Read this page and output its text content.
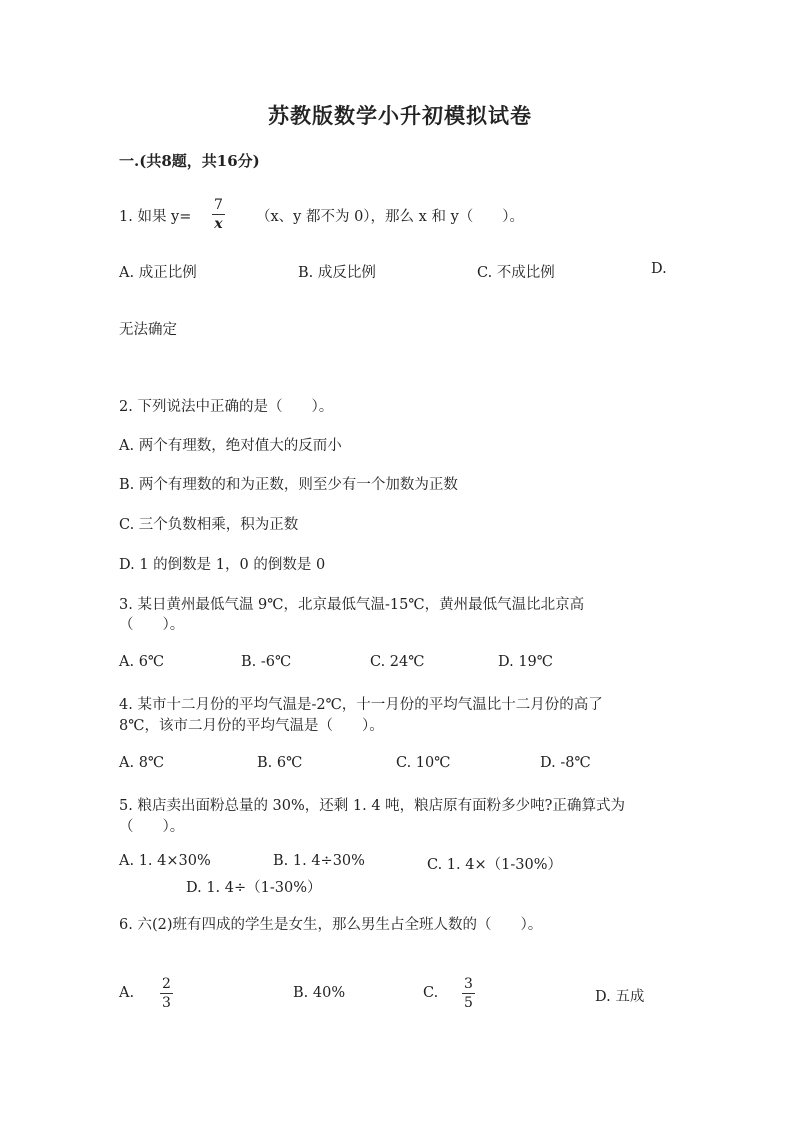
苏教版数学小升初模拟试卷
一.(共8题，共16分)
1. 如果 y=
7
x （x、y 都不为 0），那么 x 和 y（　　）。
A. 成正比例	B. 成反比例	C. 不成比例	D.
无法确定
2. 下列说法中正确的是（　　）。
A. 两个有理数，绝对值大的反而小
B. 两个有理数的和为正数，则至少有一个加数为正数
C. 三个负数相乘，积为正数
D. 1 的倒数是 1，0 的倒数是 0
3. 某日黄州最低气温 9℃，北京最低气温-15℃，黄州最低气温比北京高
（　　）。
A. 6℃	B. -6℃	C. 24℃	D. 19℃
4. 某市十二月份的平均气温是-2℃，十一月份的平均气温比十二月份的高了
8℃，该市二月份的平均气温是（　　）。
A. 8℃	B. 6℃	C. 10℃	D. -8℃
5. 粮店卖出面粉总量的 30%，还剩 1. 4 吨，粮店原有面粉多少吨?正确算式为
（　　）。
A. 1. 4×30%	B. 1. 4÷30%	C. 1. 4×（1-30%）
D. 1. 4÷（1-30%）
6. 六(2)班有四成的学生是女生，那么男生占全班人数的（　　）。
A.
2
3
B. 40%	C.
3
5	D. 五成
